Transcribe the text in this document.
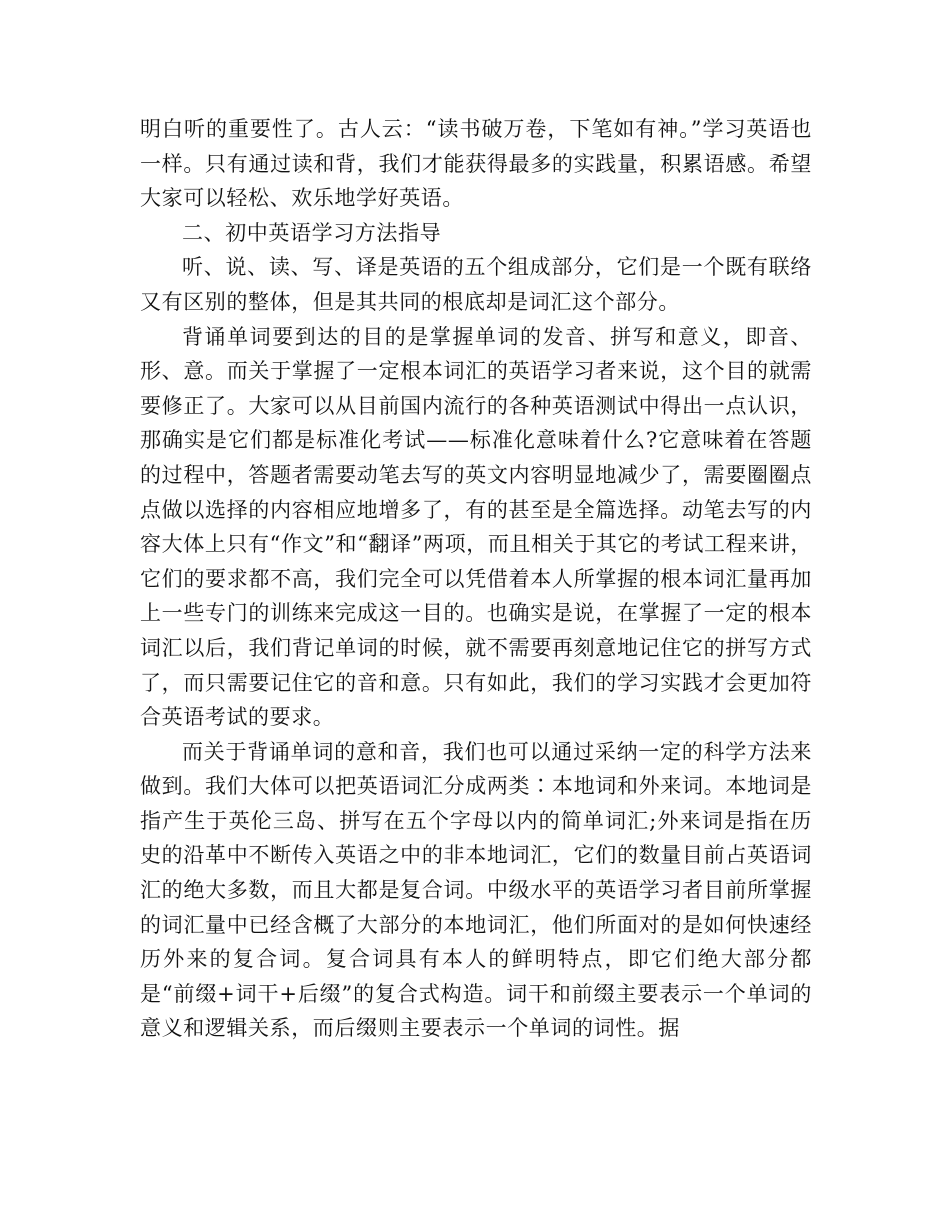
明白听的重要性了。古人云：“读书破万卷，下笔如有神。”学习英语也一样。只有通过读和背，我们才能获得最多的实践量，积累语感。希望大家可以轻松、欢乐地学好英语。

二、初中英语学习方法指导

听、说、读、写、译是英语的五个组成部分，它们是一个既有联络又有区别的整体，但是其共同的根底却是词汇这个部分。

背诵单词要到达的目的是掌握单词的发音、拼写和意义，即音、形、意。而关于掌握了一定根本词汇的英语学习者来说，这个目的就需要修正了。大家可以从目前国内流行的各种英语测试中得出一点认识，那确实是它们都是标准化考试——标准化意味着什么?它意味着在答题的过程中，答题者需要动笔去写的英文内容明显地减少了，需要圈圈点点做以选择的内容相应地增多了，有的甚至是全篇选择。动笔去写的内容大体上只有“作文”和“翻译”两项，而且相关于其它的考试工程来讲，它们的要求都不高，我们完全可以凭借着本人所掌握的根本词汇量再加上一些专门的训练来完成这一目的。也确实是说，在掌握了一定的根本词汇以后，我们背记单词的时候，就不需要再刻意地记住它的拼写方式了，而只需要记住它的音和意。只有如此，我们的学习实践才会更加符合英语考试的要求。

而关于背诵单词的意和音，我们也可以通过采纳一定的科学方法来做到。我们大体可以把英语词汇分成两类∶本地词和外来词。本地词是指产生于英伦三岛、拼写在五个字母以内的简单词汇;外来词是指在历史的沿革中不断传入英语之中的非本地词汇，它们的数量目前占英语词汇的绝大多数，而且大都是复合词。中级水平的英语学习者目前所掌握的词汇量中已经含概了大部分的本地词汇，他们所面对的是如何快速经历外来的复合词。复合词具有本人的鲜明特点，即它们绝大部分都是“前缀+词干+后缀”的复合式构造。词干和前缀主要表示一个单词的意义和逻辑关系，而后缀则主要表示一个单词的词性。据
